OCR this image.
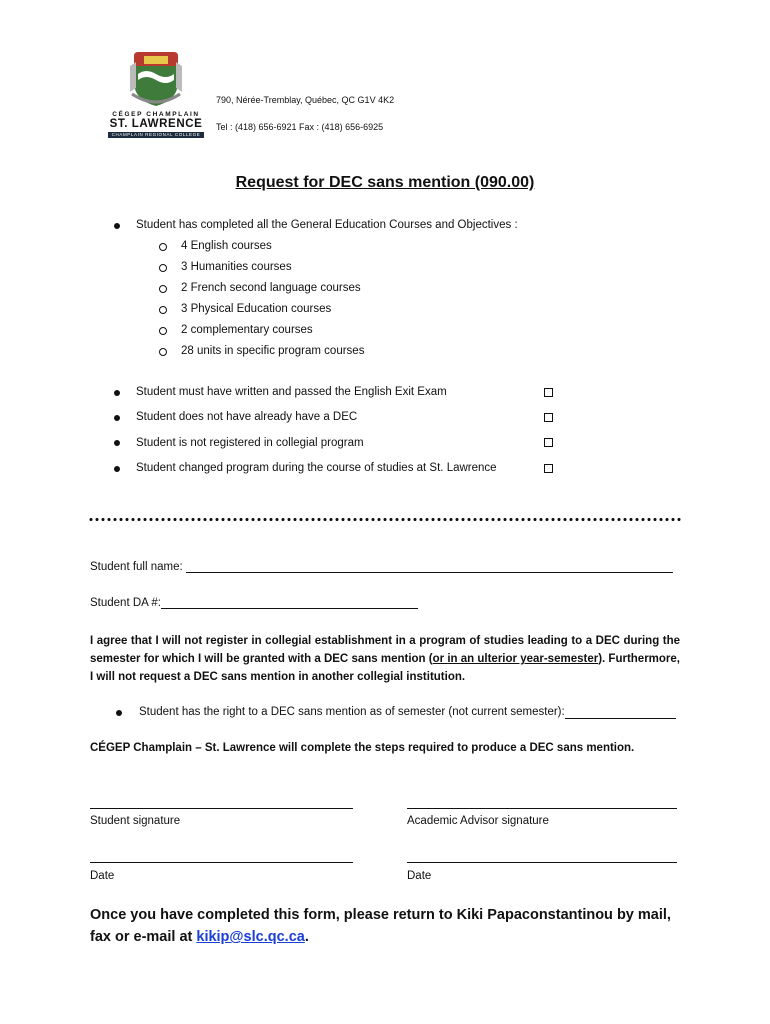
CÉGEP CHAMPLAIN
ST. LAWRENCE
CHAMPLAIN REGIONAL COLLEGE
790, Nérée-Tremblay, Québec, QC G1V 4K2
Tel : (418) 656-6921 Fax : (418) 656-6925
Request for DEC sans mention (090.00)
Student has completed all the General Education Courses and Objectives :
4 English courses
3 Humanities courses
2 French second language courses
3 Physical Education courses
2 complementary courses
28 units in specific program courses
Student must have written and passed the English Exit Exam
Student does not have already have a DEC
Student is not registered in collegial program
Student changed program during the course of studies at St. Lawrence
Student full name:
Student DA #:
I agree that I will not register in collegial establishment in a program of studies leading to a DEC during the semester for which I will be granted with a DEC sans mention (or in an ulterior year-semester). Furthermore, I will not request a DEC sans mention in another collegial institution.
Student has the right to a DEC sans mention as of semester (not current semester):
CÉGEP Champlain – St. Lawrence will complete the steps required to produce a DEC sans mention.
Student signature	Academic Advisor signature
Date	Date
Once you have completed this form, please return to Kiki Papaconstantinou by mail, fax or e-mail at kikip@slc.qc.ca.
